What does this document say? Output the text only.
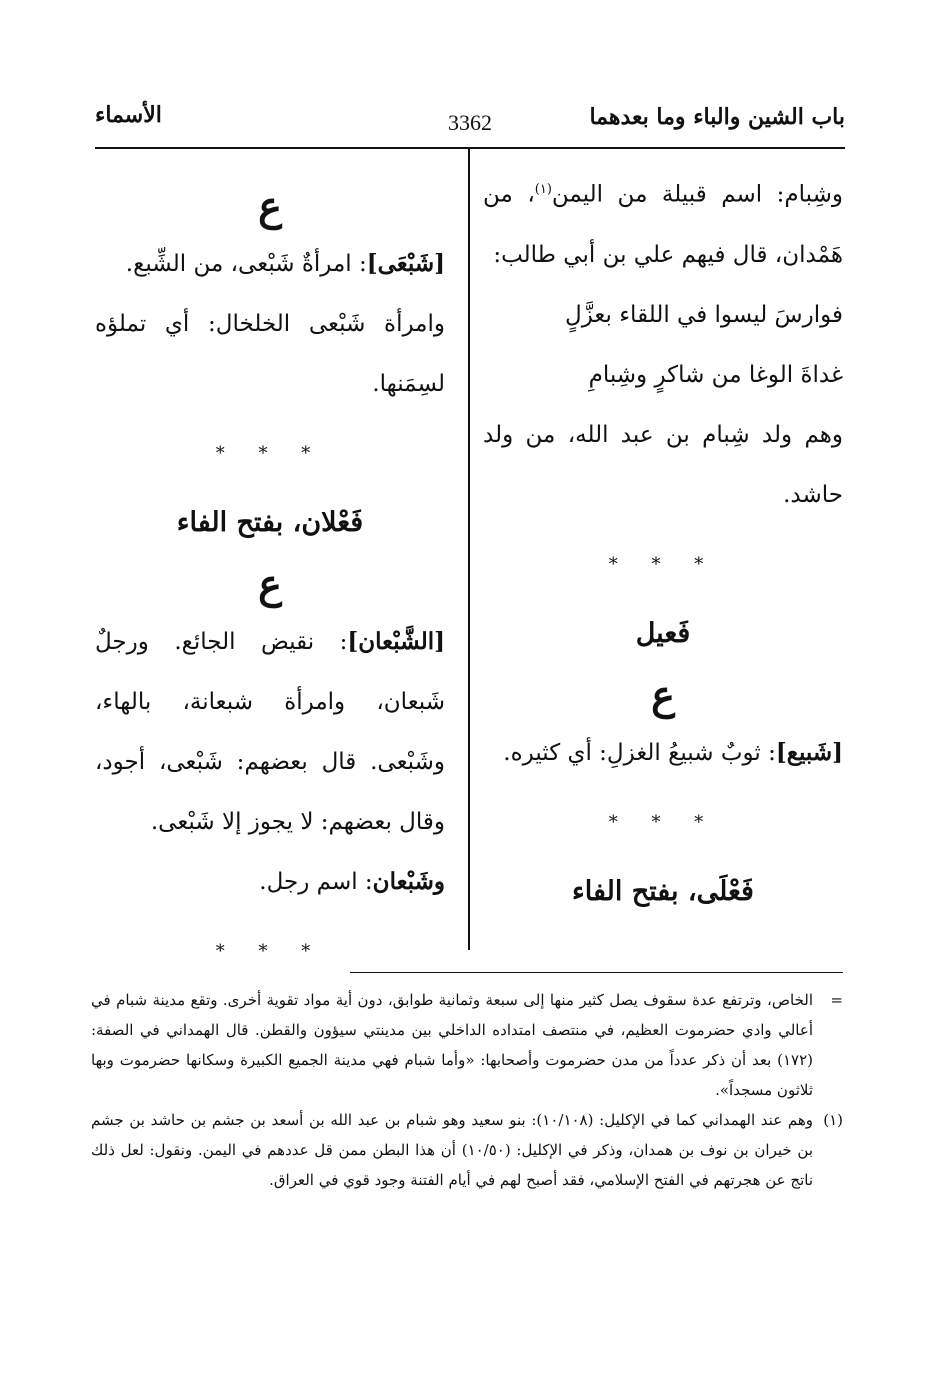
باب الشين والباء وما بعدهما
3362
الأسماء
وشِبام: اسم قبيلة من اليمن$^{(١)}$، من هَمْدان، قال فيهم علي بن أبي طالب:
فوارسَ ليسوا في اللقاء بعزَّلٍ
غداةَ الوغا من شاكرٍ وشِبامِ
وهم ولد شِبام بن عبد الله، من ولد حاشد.
* * *
فَعيل
ع
[شَبيع]: ثوبٌ شبيعُ الغزلِ: أي كثيره.
* * *
فَعْلَى، بفتح الفاء
ع
[شَبْعَى]: امرأةٌ شَبْعى، من الشِّبع.
وامرأة شَبْعى الخلخال: أي تملؤه لسِمَنها.
* * *
فَعْلان، بفتح الفاء
ع
[الشَّبْعان]: نقيض الجائع. ورجلٌ شَبعان، وامرأة شبعانة، بالهاء، وشَبْعى. قال بعضهم: شَبْعى، أجود، وقال بعضهم: لا يجوز إلا شَبْعى.
وشَبْعان: اسم رجل.
* * *

=
الخاص، وترتفع عدة سقوف يصل كثير منها إلى سبعة وثمانية طوابق، دون أية مواد تقوية أخرى. وتقع مدينة شبام في أعالي وادي حضرموت العظيم، في منتصف امتداده الداخلي بين مدينتي سيؤون والقطن. قال الهمداني في الصفة: (١٧٢) بعد أن ذكر عدداً من مدن حضرموت وأصحابها: «وأما شبام فهي مدينة الجميع الكبيرة وسكانها حضرموت وبها ثلاثون مسجداً».

(١)
وهم عند الهمداني كما في الإكليل: (١٠/١٠٨): بنو سعيد وهو شبام بن عبد الله بن أسعد بن جشم بن حاشد بن جشم بن خيران بن نوف بن همدان، وذكر في الإكليل: (١٠/٥٠) أن هذا البطن ممن قل عددهم في اليمن. ونقول: لعل ذلك ناتج عن هجرتهم في الفتح الإسلامي، فقد أصبح لهم في أيام الفتنة وجود قوي في العراق.
